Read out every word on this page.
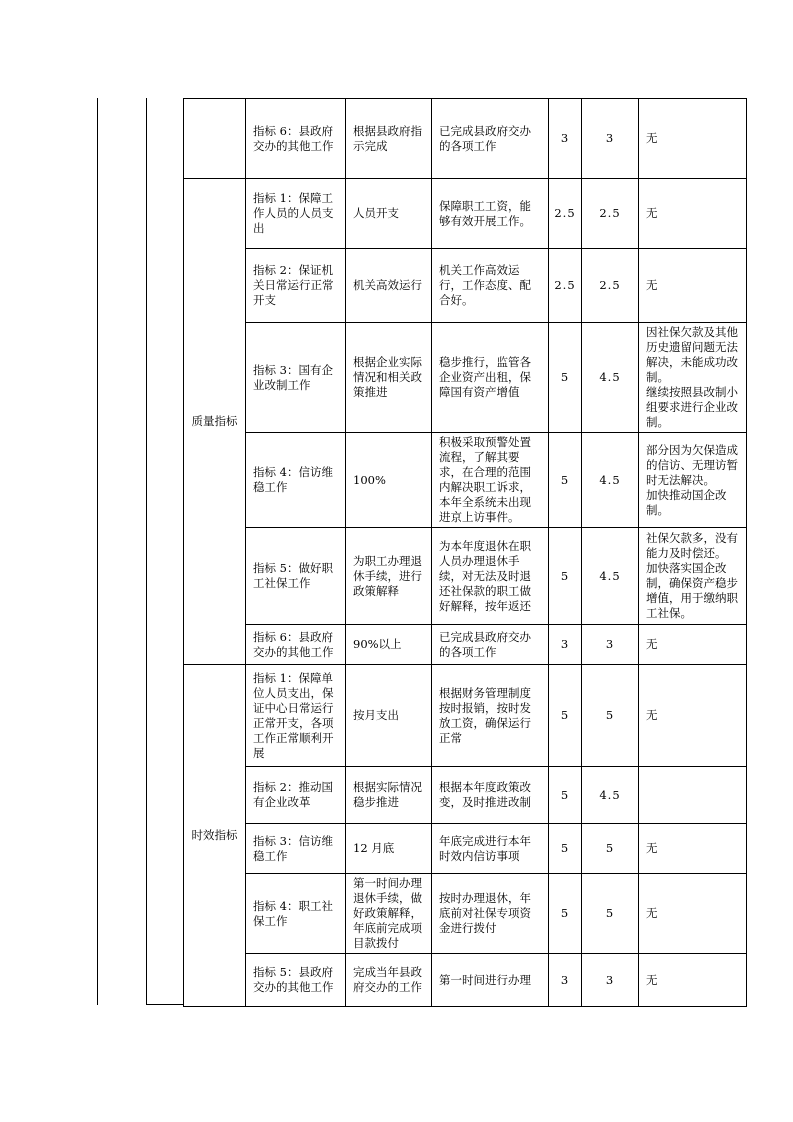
	指标 6：县政府交办的其他工作	根据县政府指示完成	已完成县政府交办的各项工作	3	3	无

质量指标	指标 1：保障工作人员的人员支出	人员开支	保障职工工资，能够有效开展工作。	2.5	2.5	无

	指标 2：保证机关日常运行正常开支	机关高效运行	机关工作高效运行，工作态度、配合好。	2.5	2.5	无

	指标 3：国有企业改制工作	根据企业实际情况和相关政策推进	稳步推行，监管各企业资产出租，保障国有资产增值	5	4.5	因社保欠款及其他历史遗留问题无法解决，未能成功改制。
继续按照县改制小组要求进行企业改制。

	指标 4：信访维稳工作	100%	积极采取预警处置流程，了解其要求，在合理的范围内解决职工诉求，本年全系统未出现进京上访事件。	5	4.5	部分因为欠保造成的信访、无理访暂时无法解决。
加快推动国企改制。

	指标 5：做好职工社保工作	为职工办理退休手续，进行政策解释	为本年度退休在职人员办理退休手续，对无法及时退还社保款的职工做好解释，按年返还	5	4.5	社保欠款多，没有能力及时偿还。
加快落实国企改制，确保资产稳步增值，用于缴纳职工社保。

	指标 6：县政府交办的其他工作	90%以上	已完成县政府交办的各项工作	3	3	无

时效指标	指标 1：保障单位人员支出，保证中心日常运行正常开支，各项工作正常顺利开展	按月支出	根据财务管理制度按时报销，按时发放工资，确保运行正常	5	5	无

	指标 2：推动国有企业改革	根据实际情况稳步推进	根据本年度政策改变，及时推进改制	5	4.5	

	指标 3：信访维稳工作	12 月底	年底完成进行本年时效内信访事项	5	5	无

	指标 4：职工社保工作	第一时间办理退休手续，做好政策解释，年底前完成项目款拨付	按时办理退休，年底前对社保专项资金进行拨付	5	5	无

	指标 5：县政府交办的其他工作	完成当年县政府交办的工作	第一时间进行办理	3	3	无
